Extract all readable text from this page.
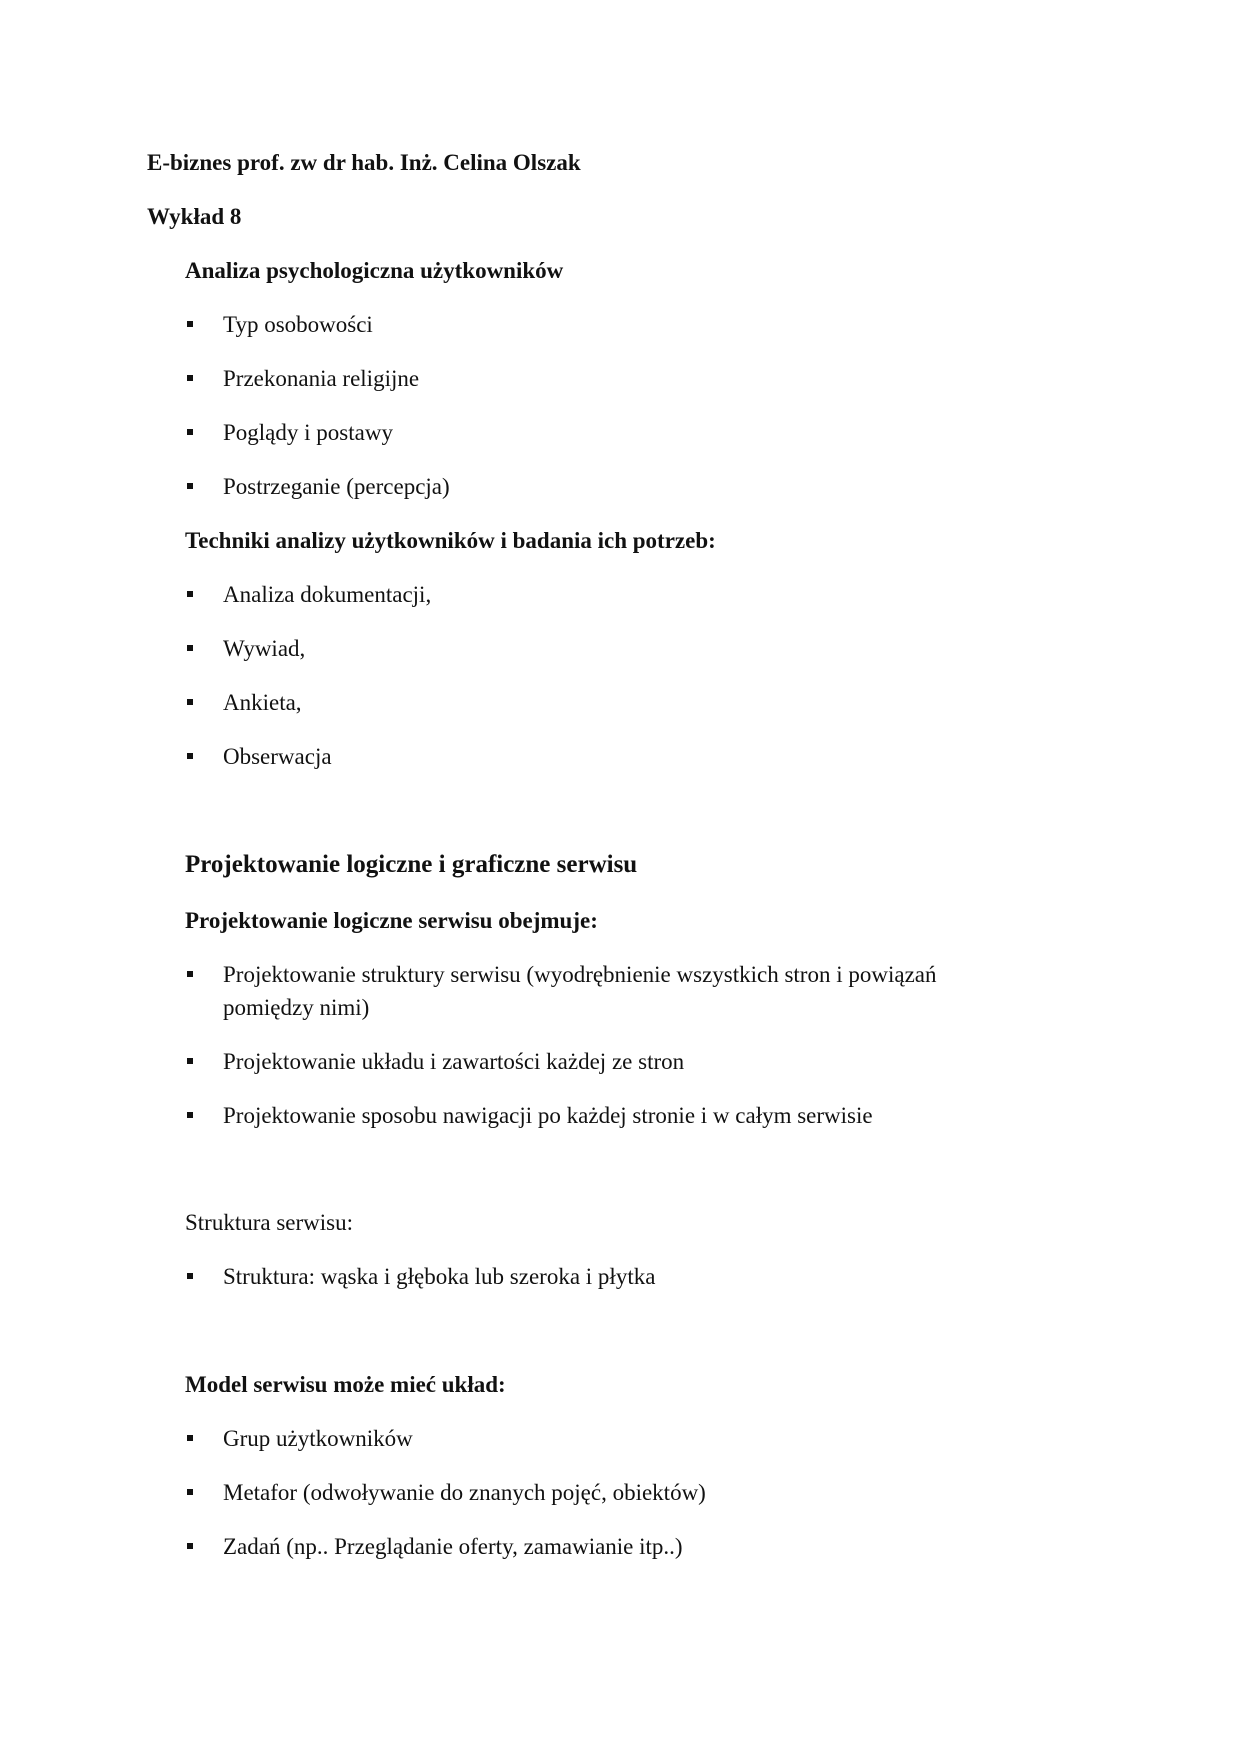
E-biznes prof. zw dr hab. Inż. Celina Olszak
Wykład 8
Analiza psychologiczna użytkowników
Typ osobowości
Przekonania religijne
Poglądy i postawy
Postrzeganie (percepcja)
Techniki analizy użytkowników i badania ich potrzeb:
Analiza dokumentacji,
Wywiad,
Ankieta,
Obserwacja
Projektowanie logiczne i graficzne serwisu
Projektowanie logiczne serwisu obejmuje:
Projektowanie struktury serwisu (wyodrębnienie wszystkich stron i powiązań pomiędzy nimi)
Projektowanie układu i zawartości każdej ze stron
Projektowanie sposobu nawigacji po każdej stronie i w całym serwisie
Struktura serwisu:
Struktura: wąska i głęboka lub szeroka i płytka
Model serwisu może mieć układ:
Grup użytkowników
Metafor (odwoływanie do znanych pojęć, obiektów)
Zadań (np.. Przeglądanie oferty, zamawianie itp..)
